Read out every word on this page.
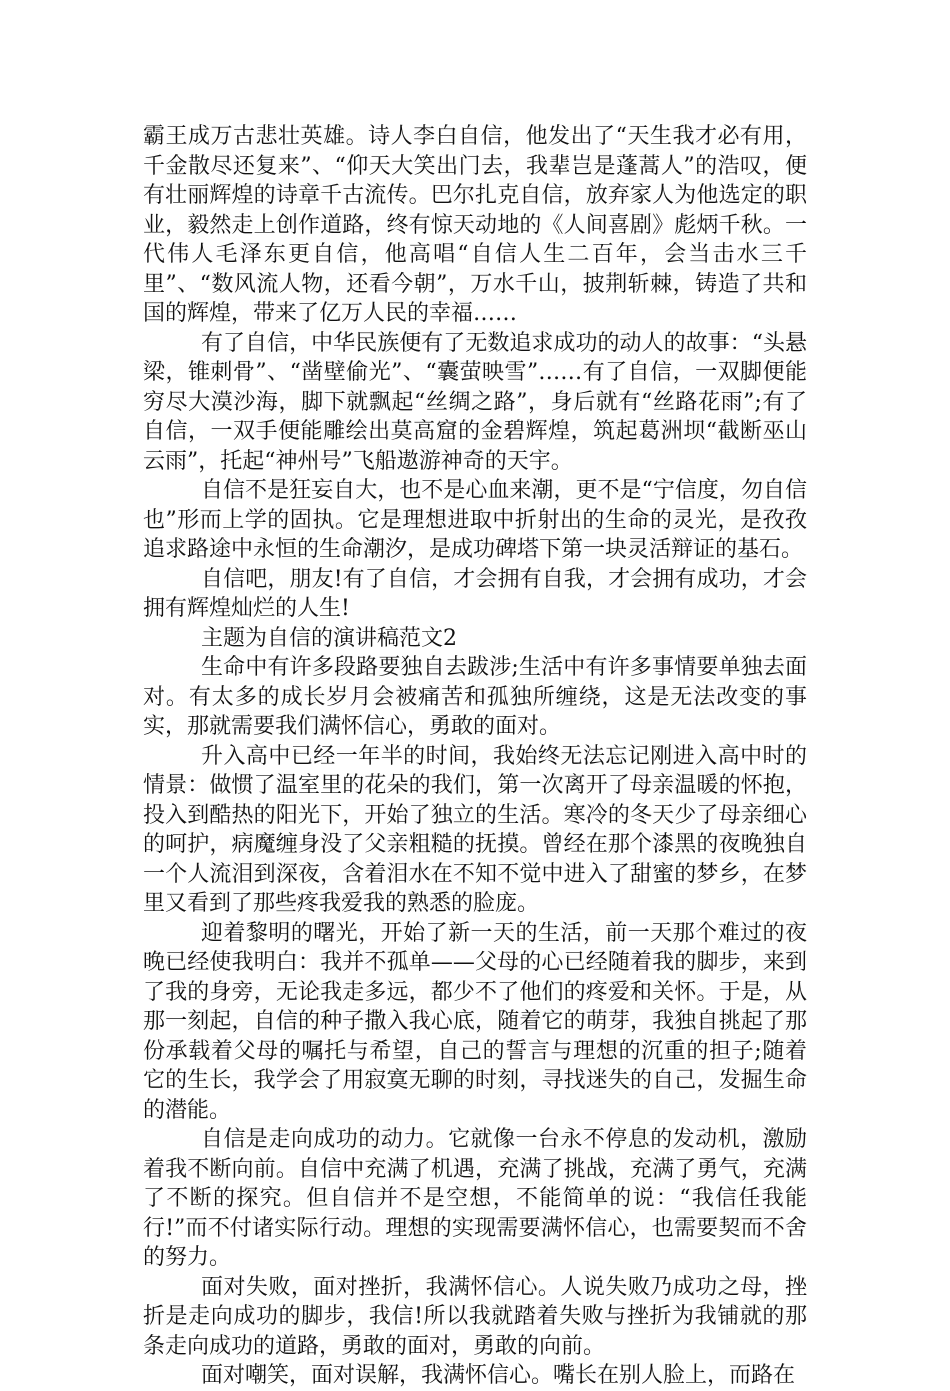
霸王成万古悲壮英雄。诗人李白自信，他发出了“天生我才必有用，千金散尽还复来”、“仰天大笑出门去，我辈岂是蓬蒿人”的浩叹，便有壮丽辉煌的诗章千古流传。巴尔扎克自信，放弃家人为他选定的职业，毅然走上创作道路，终有惊天动地的《人间喜剧》彪炳千秋。一代伟人毛泽东更自信，他高唱“自信人生二百年，会当击水三千里”、“数风流人物，还看今朝”，万水千山，披荆斩棘，铸造了共和国的辉煌，带来了亿万人民的幸福……

有了自信，中华民族便有了无数追求成功的动人的故事：“头悬梁，锥刺骨”、“凿壁偷光”、“囊萤映雪”……有了自信，一双脚便能穷尽大漠沙海，脚下就飘起“丝绸之路”，身后就有“丝路花雨”;有了自信，一双手便能雕绘出莫高窟的金碧辉煌，筑起葛洲坝“截断巫山云雨”，托起“神州号”飞船遨游神奇的天宇。

自信不是狂妄自大，也不是心血来潮，更不是“宁信度，勿自信也”形而上学的固执。它是理想进取中折射出的生命的灵光，是孜孜追求路途中永恒的生命潮汐，是成功碑塔下第一块灵活辩证的基石。

自信吧，朋友!有了自信，才会拥有自我，才会拥有成功，才会拥有辉煌灿烂的人生!

主题为自信的演讲稿范文2

生命中有许多段路要独自去跋涉;生活中有许多事情要单独去面对。有太多的成长岁月会被痛苦和孤独所缠绕，这是无法改变的事实，那就需要我们满怀信心，勇敢的面对。

升入高中已经一年半的时间，我始终无法忘记刚进入高中时的情景：做惯了温室里的花朵的我们，第一次离开了母亲温暖的怀抱，投入到酷热的阳光下，开始了独立的生活。寒冷的冬天少了母亲细心的呵护，病魔缠身没了父亲粗糙的抚摸。曾经在那个漆黑的夜晚独自一个人流泪到深夜，含着泪水在不知不觉中进入了甜蜜的梦乡，在梦里又看到了那些疼我爱我的熟悉的脸庞。

迎着黎明的曙光，开始了新一天的生活，前一天那个难过的夜晚已经使我明白：我并不孤单——父母的心已经随着我的脚步，来到了我的身旁，无论我走多远，都少不了他们的疼爱和关怀。于是，从那一刻起，自信的种子撒入我心底，随着它的萌芽，我独自挑起了那份承载着父母的嘱托与希望，自己的誓言与理想的沉重的担子;随着它的生长，我学会了用寂寞无聊的时刻，寻找迷失的自己，发掘生命的潜能。

自信是走向成功的动力。它就像一台永不停息的发动机，激励着我不断向前。自信中充满了机遇，充满了挑战，充满了勇气，充满了不断的探究。但自信并不是空想，不能简单的说：“我信任我能行!”而不付诸实际行动。理想的实现需要满怀信心，也需要契而不舍的努力。

面对失败，面对挫折，我满怀信心。人说失败乃成功之母，挫折是走向成功的脚步，我信!所以我就踏着失败与挫折为我铺就的那条走向成功的道路，勇敢的面对，勇敢的向前。

面对嘲笑，面对误解，我满怀信心。嘴长在别人脸上，而路在
